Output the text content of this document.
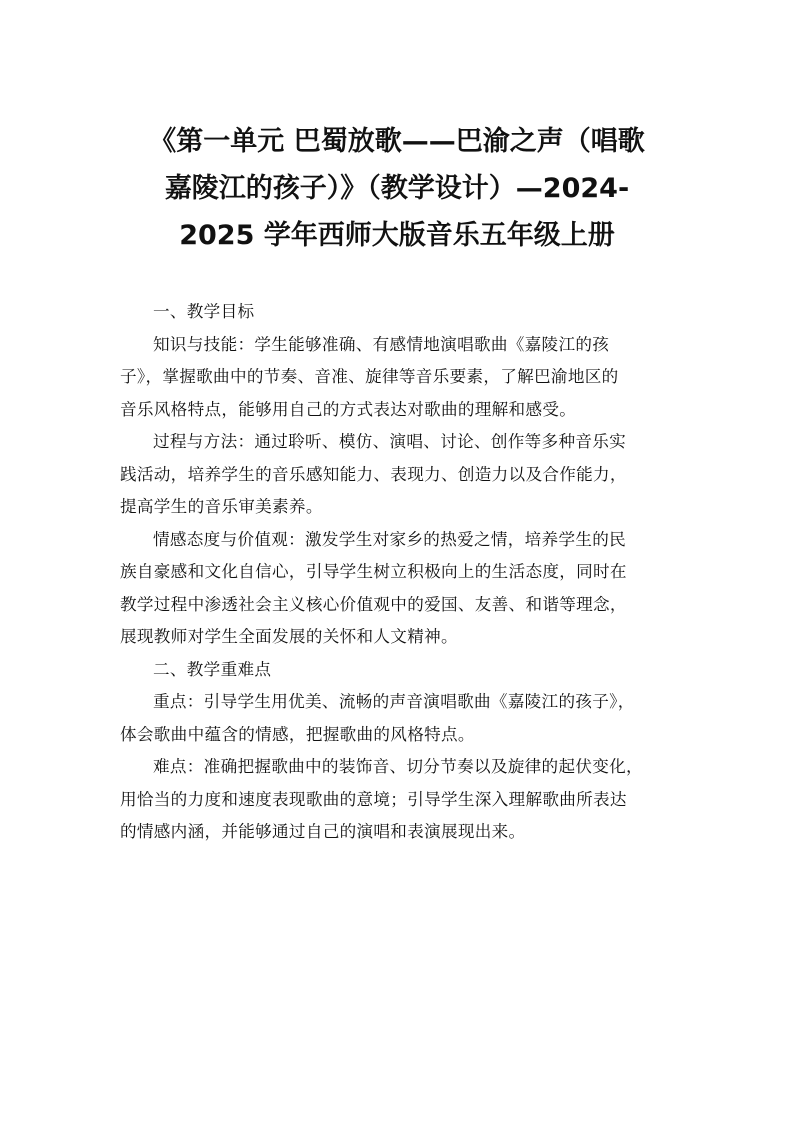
《第一单元 巴蜀放歌——巴渝之声（唱歌
嘉陵江的孩子）》（教学设计）—2024-
2025 学年西师大版音乐五年级上册

一、教学目标

知识与技能：学生能够准确、有感情地演唱歌曲《嘉陵江的孩
子》，掌握歌曲中的节奏、音准、旋律等音乐要素，了解巴渝地区的
音乐风格特点，能够用自己的方式表达对歌曲的理解和感受。

过程与方法：通过聆听、模仿、演唱、讨论、创作等多种音乐实
践活动，培养学生的音乐感知能力、表现力、创造力以及合作能力，
提高学生的音乐审美素养。

情感态度与价值观：激发学生对家乡的热爱之情，培养学生的民
族自豪感和文化自信心，引导学生树立积极向上的生活态度，同时在
教学过程中渗透社会主义核心价值观中的爱国、友善、和谐等理念，
展现教师对学生全面发展的关怀和人文精神。

二、教学重难点

重点：引导学生用优美、流畅的声音演唱歌曲《嘉陵江的孩子》，
体会歌曲中蕴含的情感，把握歌曲的风格特点。

难点：准确把握歌曲中的装饰音、切分节奏以及旋律的起伏变化，
用恰当的力度和速度表现歌曲的意境；引导学生深入理解歌曲所表达
的情感内涵，并能够通过自己的演唱和表演展现出来。
